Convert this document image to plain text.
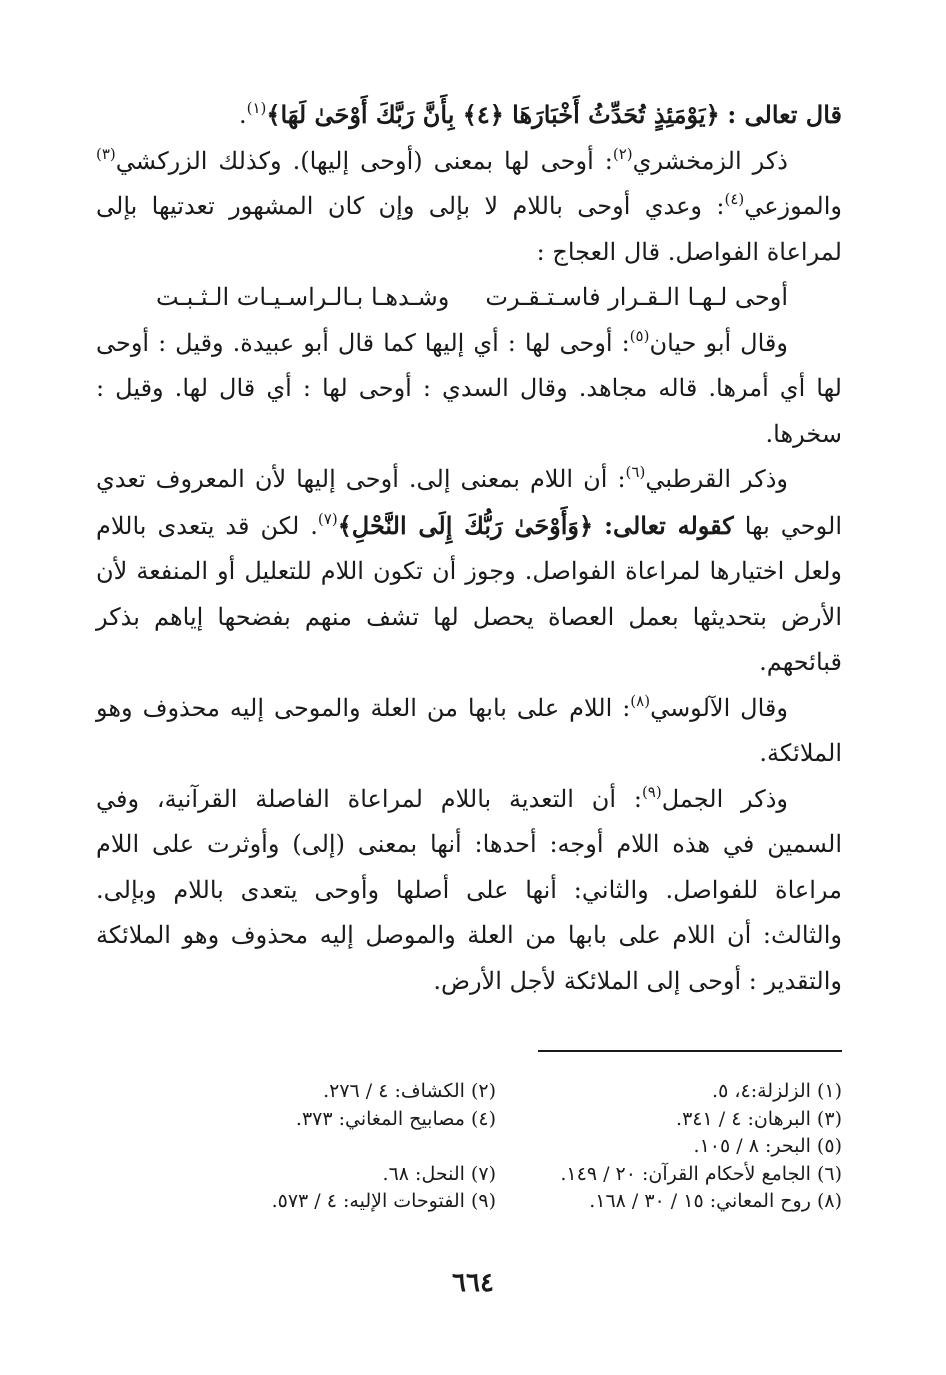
قال تعالى : ﴿يَوْمَئِذٍ تُحَدِّثُ أَخْبَارَهَا ﴿٤﴾ بِأَنَّ رَبَّكَ أَوْحَىٰ لَهَا﴾$^{(١)}$.

ذكر الزمخشري$^{(٢)}$: أوحى لها بمعنى (أوحى إليها). وكذلك الزركشي$^{(٣)}$ والموزعي$^{(٤)}$: وعدي أوحى باللام لا بإلى وإن كان المشهور تعدتيها بإلى لمراعاة الفواصل. قال العجاج :

أوحى لـهـا الـقـرار فاسـتـقـرت
وشـدهـا بـالـراسـيـات الـثـبـت

وقال أبو حيان$^{(٥)}$: أوحى لها : أي إليها كما قال أبو عبيدة. وقيل : أوحى لها أي أمرها. قاله مجاهد. وقال السدي : أوحى لها : أي قال لها. وقيل : سخرها.

وذكر القرطبي$^{(٦)}$: أن اللام بمعنى إلى. أوحى إليها لأن المعروف تعدي الوحي بها كقوله تعالى: ﴿وَأَوْحَىٰ رَبُّكَ إِلَى النَّحْلِ﴾$^{(٧)}$. لكن قد يتعدى باللام ولعل اختيارها لمراعاة الفواصل. وجوز أن تكون اللام للتعليل أو المنفعة لأن الأرض بتحديثها بعمل العصاة يحصل لها تشف منهم بفضحها إياهم بذكر قبائحهم.

وقال الآلوسي$^{(٨)}$: اللام على بابها من العلة والموحى إليه محذوف وهو الملائكة.

وذكر الجمل$^{(٩)}$: أن التعدية باللام لمراعاة الفاصلة القرآنية، وفي السمين في هذه اللام أوجه: أحدها: أنها بمعنى (إلى) وأوثرت على اللام مراعاة للفواصل. والثاني: أنها على أصلها وأوحى يتعدى باللام وبإلى. والثالث: أن اللام على بابها من العلة والموصل إليه محذوف وهو الملائكة والتقدير : أوحى إلى الملائكة لأجل الأرض.

(١) الزلزلة:٤، ٥.
(٢) الكشاف: ٤ / ٢٧٦.
(٣) البرهان: ٤ / ٣٤١.
(٤) مصابيح المغاني: ٣٧٣.
(٥) البحر: ٨ / ١٠٥.
(٦) الجامع لأحكام القرآن: ٢٠ / ١٤٩.
(٧) النحل: ٦٨.
(٨) روح المعاني: ١٥ / ٣٠ / ١٦٨.
(٩) الفتوحات الإليه: ٤ / ٥٧٣.
٦٦٤
